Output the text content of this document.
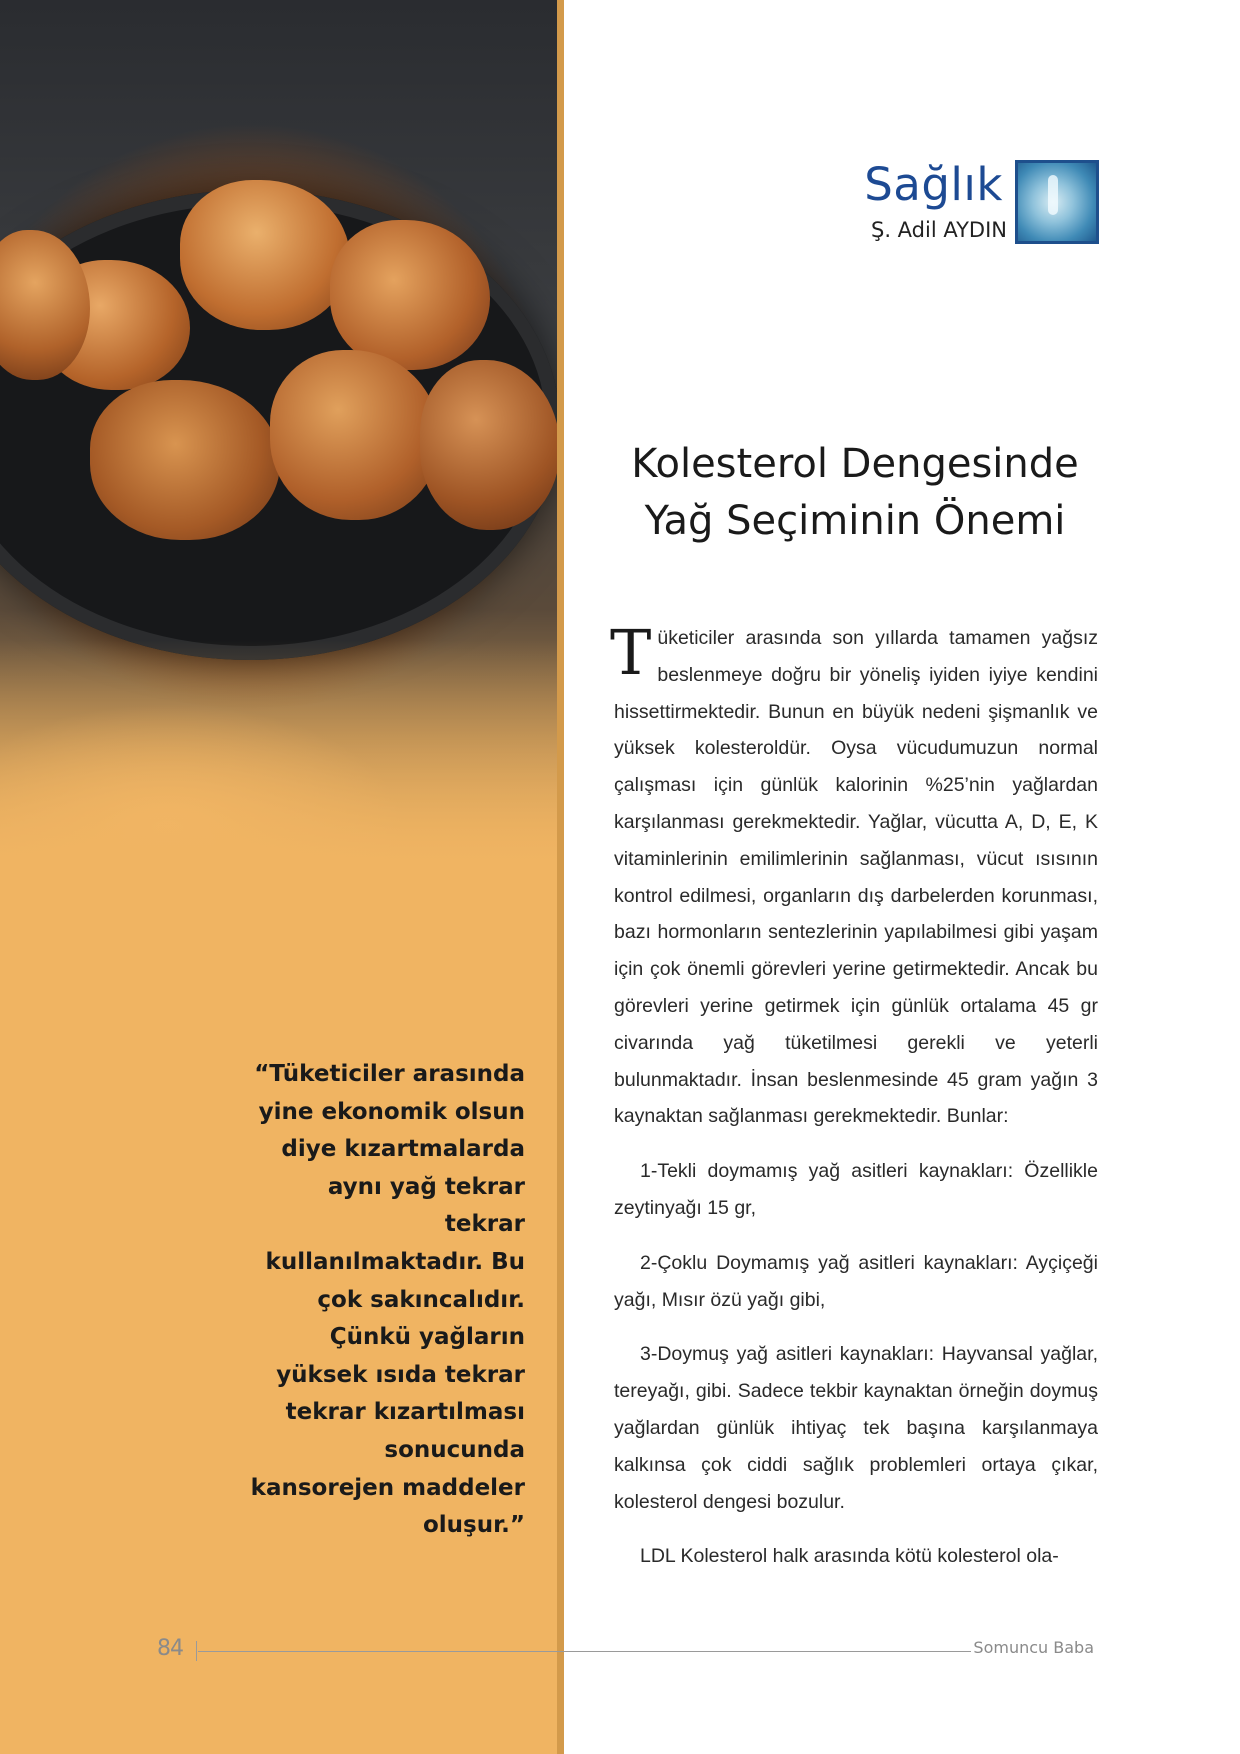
“Tüketiciler arasında yine ekonomik olsun diye kızartmalarda aynı yağ tekrar tekrar kullanılmaktadır. Bu çok sakıncalıdır. Çünkü yağların yüksek ısıda tekrar tekrar kızartılması sonucunda kansorejen maddeler oluşur.”
Sağlık
Ş. Adil AYDIN
Kolesterol Dengesinde
Yağ Seçiminin Önemi

Tüketiciler arasında son yıllarda tamamen yağsız beslenmeye doğru bir yöneliş iyiden iyiye kendini hissettirmektedir. Bunun en büyük nedeni şişmanlık ve yüksek kolesteroldür. Oysa vücudumuzun normal çalışması için günlük kalorinin %25’nin yağlardan karşılanması gerekmektedir. Yağlar, vücutta A, D, E, K vitaminlerinin emilimlerinin sağlanması, vücut ısısının kontrol edilmesi, organların dış darbelerden korunması, bazı hormonların sentezlerinin yapılabilmesi gibi yaşam için çok önemli görevleri yerine getirmektedir. Ancak bu görevleri yerine getirmek için günlük ortalama 45 gr civarında yağ tüketilmesi gerekli ve yeterli bulunmaktadır. İnsan beslenmesinde 45 gram yağın 3 kaynaktan sağlanması gerekmektedir. Bunlar:

1-Tekli doymamış yağ asitleri kaynakları: Özellikle zeytinyağı 15 gr,

2-Çoklu Doymamış yağ asitleri kaynakları: Ayçiçeği yağı, Mısır özü yağı gibi,

3-Doymuş yağ asitleri kaynakları: Hayvansal yağlar, tereyağı, gibi. Sadece tekbir kaynaktan örneğin doymuş yağlardan günlük ihtiyaç tek başına karşılanmaya kalkınsa çok ciddi sağlık problemleri ortaya çıkar, kolesterol dengesi bozulur.

LDL Kolesterol halk arasında kötü kolesterol ola-

84	Somuncu Baba
